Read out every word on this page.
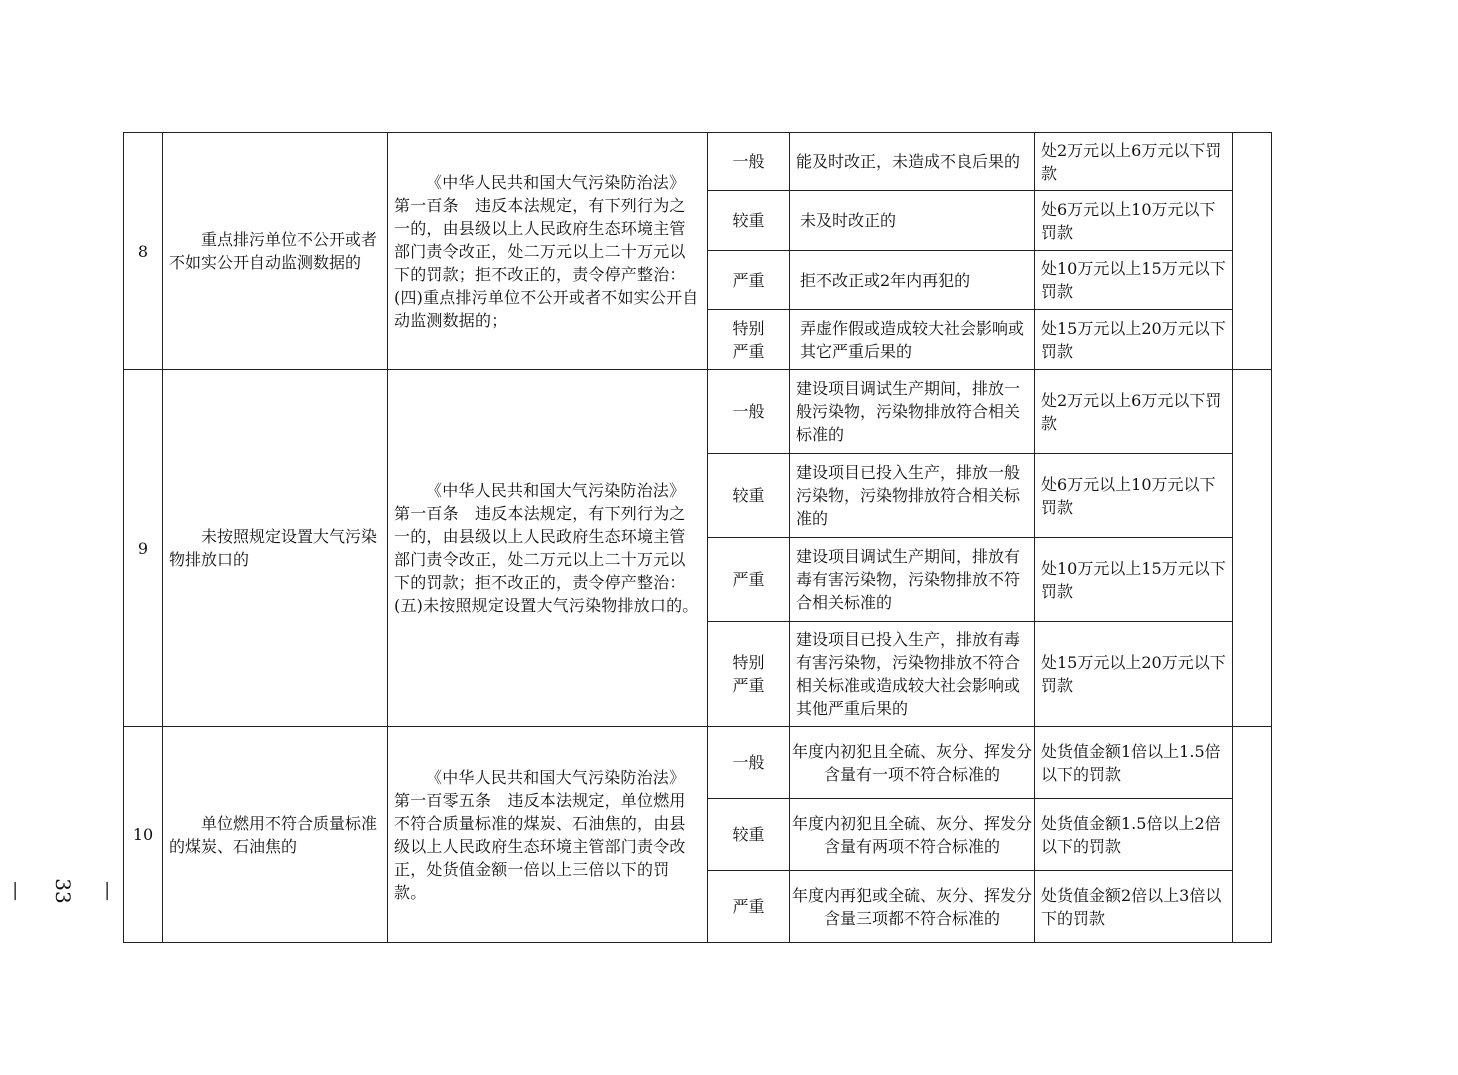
8	重点排污单位不公开或者不如实公开自动监测数据的	《中华人民共和国大气污染防治法》第一百条　违反本法规定，有下列行为之一的，由县级以上人民政府生态环境主管部门责令改正，处二万元以上二十万元以下的罚款；拒不改正的，责令停产整治：(四)重点排污单位不公开或者不如实公开自动监测数据的；	一般	能及时改正，未造成不良后果的	处2万元以上6万元以下罚款	
			较重	未及时改正的	处6万元以上10万元以下罚款	
			严重	拒不改正或2年内再犯的	处10万元以上15万元以下罚款	
			特别严重	弄虚作假或造成较大社会影响或其它严重后果的	处15万元以上20万元以下罚款	
9	未按照规定设置大气污染物排放口的	《中华人民共和国大气污染防治法》第一百条　违反本法规定，有下列行为之一的，由县级以上人民政府生态环境主管部门责令改正，处二万元以上二十万元以下的罚款；拒不改正的，责令停产整治：(五)未按照规定设置大气污染物排放口的。	一般	建设项目调试生产期间，排放一般污染物，污染物排放符合相关标准的	处2万元以上6万元以下罚款	
			较重	建设项目已投入生产，排放一般污染物，污染物排放符合相关标准的	处6万元以上10万元以下罚款	
			严重	建设项目调试生产期间，排放有毒有害污染物，污染物排放不符合相关标准的	处10万元以上15万元以下罚款	
			特别严重	建设项目已投入生产，排放有毒有害污染物，污染物排放不符合相关标准或造成较大社会影响或其他严重后果的	处15万元以上20万元以下罚款	
10	单位燃用不符合质量标准的煤炭、石油焦的	《中华人民共和国大气污染防治法》第一百零五条　违反本法规定，单位燃用不符合质量标准的煤炭、石油焦的，由县级以上人民政府生态环境主管部门责令改正，处货值金额一倍以上三倍以下的罚款。	一般	年度内初犯且全硫、灰分、挥发分含量有一项不符合标准的	处货值金额1倍以上1.5倍以下的罚款	
			较重	年度内初犯且全硫、灰分、挥发分含量有两项不符合标准的	处货值金额1.5倍以上2倍以下的罚款	
			严重	年度内再犯或全硫、灰分、挥发分含量三项都不符合标准的	处货值金额2倍以上3倍以下的罚款	
—33—
